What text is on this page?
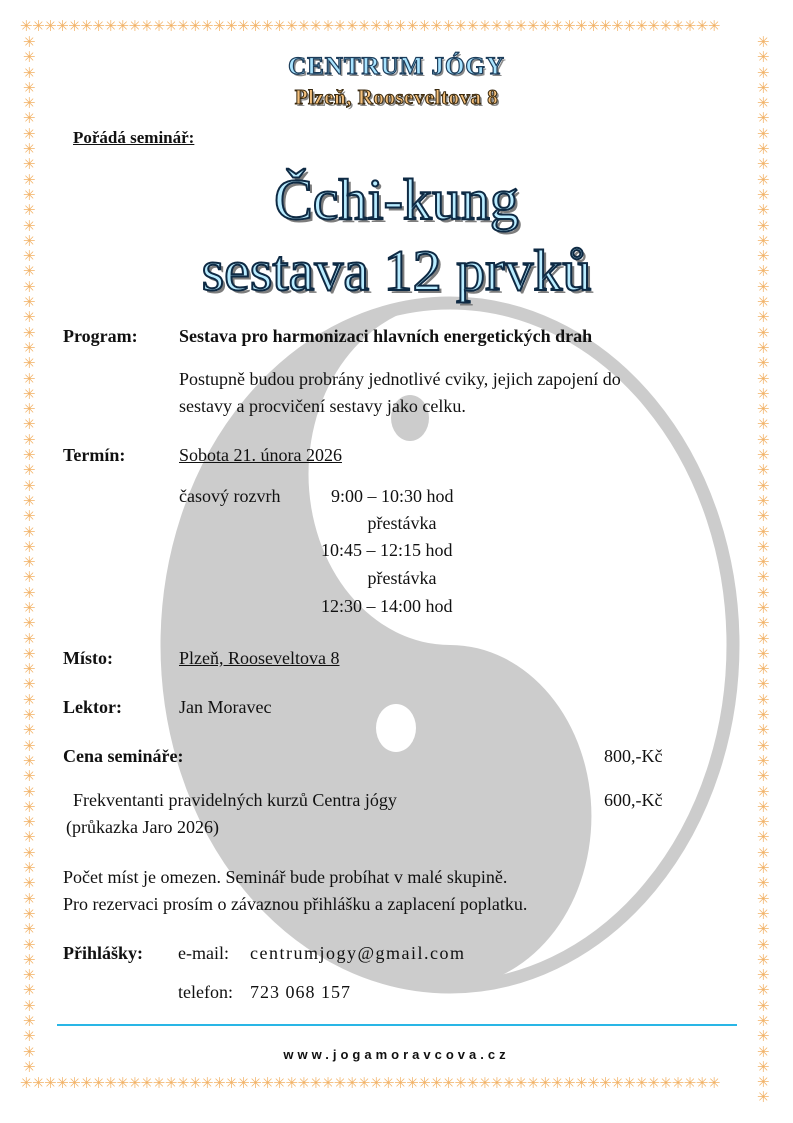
✳✳✳✳✳✳✳✳✳✳✳✳✳✳✳✳✳✳✳✳✳✳✳✳✳✳✳✳✳✳✳✳✳✳✳✳✳✳✳✳✳✳✳✳✳✳✳✳✳✳✳✳✳✳✳✳✳✳
✳✳✳✳✳✳✳✳✳✳✳✳✳✳✳✳✳✳✳✳✳✳✳✳✳✳✳✳✳✳✳✳✳✳✳✳✳✳✳✳✳✳✳✳✳✳✳✳✳✳✳✳✳✳✳✳✳✳
✳✳✳✳✳✳✳✳✳✳✳✳✳✳✳✳✳✳✳✳✳✳✳✳✳✳✳✳✳✳✳✳✳✳✳✳✳✳✳✳✳✳✳✳✳✳✳✳✳✳✳✳✳✳✳✳✳✳✳✳✳✳✳✳✳✳✳✳
✳✳✳✳✳✳✳✳✳✳✳✳✳✳✳✳✳✳✳✳✳✳✳✳✳✳✳✳✳✳✳✳✳✳✳✳✳✳✳✳✳✳✳✳✳✳✳✳✳✳✳✳✳✳✳✳✳✳✳✳✳✳✳✳✳✳✳✳✳✳
CENTRUM JÓGY
Plzeň, Rooseveltova 8
Pořádá seminář:
Čchi-kung
sestava 12 prvků
Program: Sestava pro harmonizaci hlavních energetických drah
Postupně budou probrány jednotlivé cviky, jejich zapojení do
sestavy a procvičení sestavy jako celku.
Termín:	Sobota 21. února 2026
časový rozvrh	9:00 – 10:30 hod
přestávka
10:45 – 12:15 hod
přestávka
12:30 – 14:00 hod
Místo:	Plzeň, Rooseveltova 8
Lektor:	Jan Moravec
Cena semináře:	800,-Kč
Frekventanti pravidelných kurzů Centra jógy	600,-Kč
(průkazka Jaro 2026)
Počet míst je omezen. Seminář bude probíhat v malé skupině.
Pro rezervaci prosím o závaznou přihlášku a zaplacení poplatku.
Přihlášky: e-mail: centrumjogy@gmail.com
telefon: 723 068 157
www.jogamoravcova.cz
